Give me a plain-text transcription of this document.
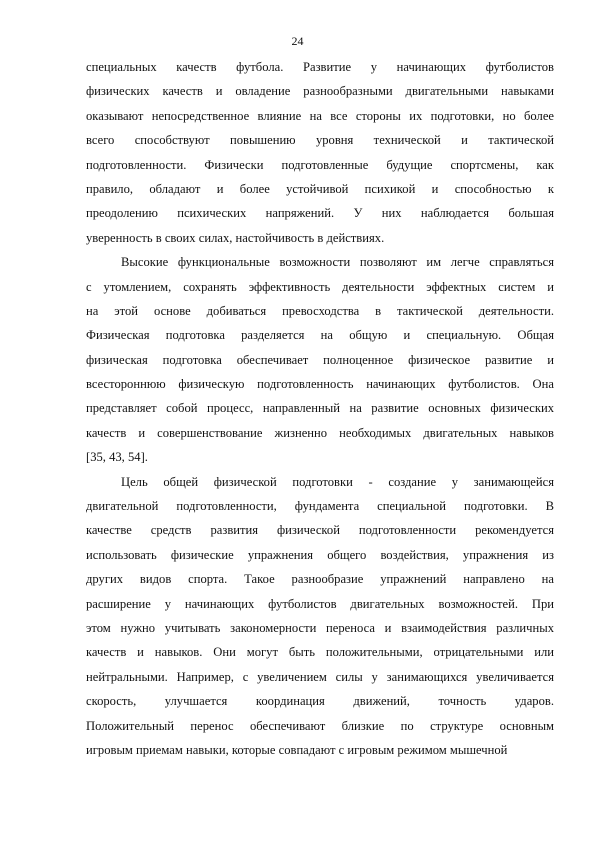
24
специальных качеств футбола. Развитие у начинающих футболистов
физических качеств и овладение разнообразными двигательными навыками
оказывают непосредственное влияние на все стороны их подготовки, но более
всего способствуют повышению уровня технической и тактической
подготовленности. Физически подготовленные будущие спортсмены, как
правило, обладают и более устойчивой психикой и способностью к
преодолению психических напряжений. У них наблюдается большая
уверенность в своих силах, настойчивость в действиях.
Высокие функциональные возможности позволяют им легче справляться
с утомлением, сохранять эффективность деятельности эффектных систем и
на этой основе добиваться превосходства в тактической деятельности.
Физическая подготовка разделяется на общую и специальную. Общая
физическая подготовка обеспечивает полноценное физическое развитие и
всестороннюю физическую подготовленность начинающих футболистов. Она
представляет собой процесс, направленный на развитие основных физических
качеств и совершенствование жизненно необходимых двигательных навыков
[35, 43, 54].
Цель общей физической подготовки - создание у занимающейся
двигательной подготовленности, фундамента специальной подготовки. В
качестве средств развития физической подготовленности рекомендуется
использовать физические упражнения общего воздействия, упражнения из
других видов спорта. Такое разнообразие упражнений направлено на
расширение у начинающих футболистов двигательных возможностей. При
этом нужно учитывать закономерности переноса и взаимодействия различных
качеств и навыков. Они могут быть положительными, отрицательными или
нейтральными. Например, с увеличением силы у занимающихся увеличивается
скорость, улучшается координация движений, точность ударов.
Положительный перенос обеспечивают близкие по структуре основным
игровым приемам навыки, которые совпадают с игровым режимом мышечной
